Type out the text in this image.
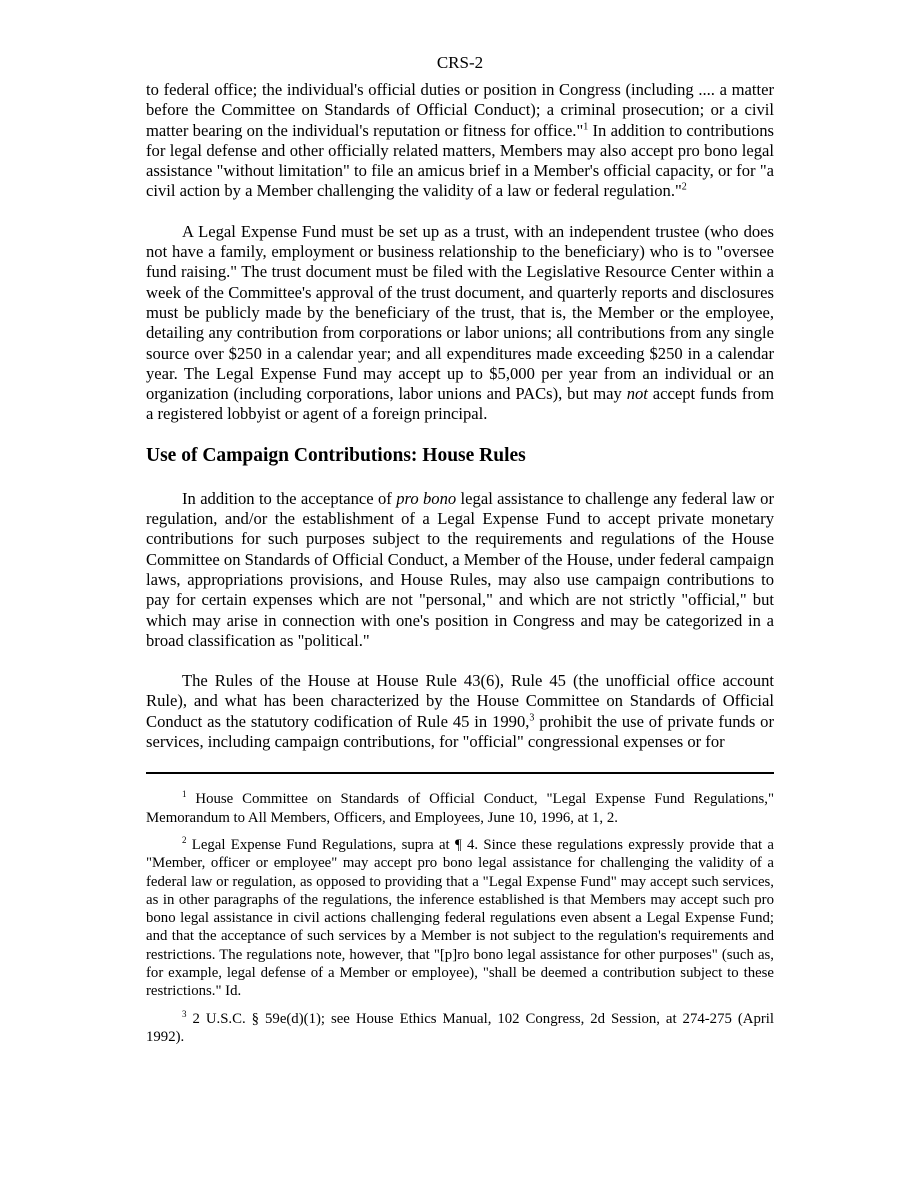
CRS-2

to federal office; the individual's official duties or position in Congress (including .... a matter before the Committee on Standards of Official Conduct); a criminal prosecution; or a civil matter bearing on the individual's reputation or fitness for office."$^1$ In addition to contributions for legal defense and other officially related matters, Members may also accept pro bono legal assistance "without limitation" to file an amicus brief in a Member's official capacity, or for "a civil action by a Member challenging the validity of a law or federal regulation."$^2$

A Legal Expense Fund must be set up as a trust, with an independent trustee (who does not have a family, employment or business relationship to the beneficiary) who is to "oversee fund raising." The trust document must be filed with the Legislative Resource Center within a week of the Committee's approval of the trust document, and quarterly reports and disclosures must be publicly made by the beneficiary of the trust, that is, the Member or the employee, detailing any contribution from corporations or labor unions; all contributions from any single source over $250 in a calendar year; and all expenditures made exceeding $250 in a calendar year. The Legal Expense Fund may accept up to $5,000 per year from an individual or an organization (including corporations, labor unions and PACs), but may not accept funds from a registered lobbyist or agent of a foreign principal.

Use of Campaign Contributions: House Rules

In addition to the acceptance of pro bono legal assistance to challenge any federal law or regulation, and/or the establishment of a Legal Expense Fund to accept private monetary contributions for such purposes subject to the requirements and regulations of the House Committee on Standards of Official Conduct, a Member of the House, under federal campaign laws, appropriations provisions, and House Rules, may also use campaign contributions to pay for certain expenses which are not "personal," and which are not strictly "official," but which may arise in connection with one's position in Congress and may be categorized in a broad classification as "political."

The Rules of the House at House Rule 43(6), Rule 45 (the unofficial office account Rule), and what has been characterized by the House Committee on Standards of Official Conduct as the statutory codification of Rule 45 in 1990,$^3$ prohibit the use of private funds or services, including campaign contributions, for "official" congressional expenses or for

$^1$ House Committee on Standards of Official Conduct, "Legal Expense Fund Regulations," Memorandum to All Members, Officers, and Employees, June 10, 1996, at 1, 2.

$^2$ Legal Expense Fund Regulations, supra at ¶ 4. Since these regulations expressly provide that a "Member, officer or employee" may accept pro bono legal assistance for challenging the validity of a federal law or regulation, as opposed to providing that a "Legal Expense Fund" may accept such services, as in other paragraphs of the regulations, the inference established is that Members may accept such pro bono legal assistance in civil actions challenging federal regulations even absent a Legal Expense Fund; and that the acceptance of such services by a Member is not subject to the regulation's requirements and restrictions. The regulations note, however, that "[p]ro bono legal assistance for other purposes" (such as, for example, legal defense of a Member or employee), "shall be deemed a contribution subject to these restrictions." Id.

$^3$ 2 U.S.C. § 59e(d)(1); see House Ethics Manual, 102 Congress, 2d Session, at 274-275 (April 1992).
